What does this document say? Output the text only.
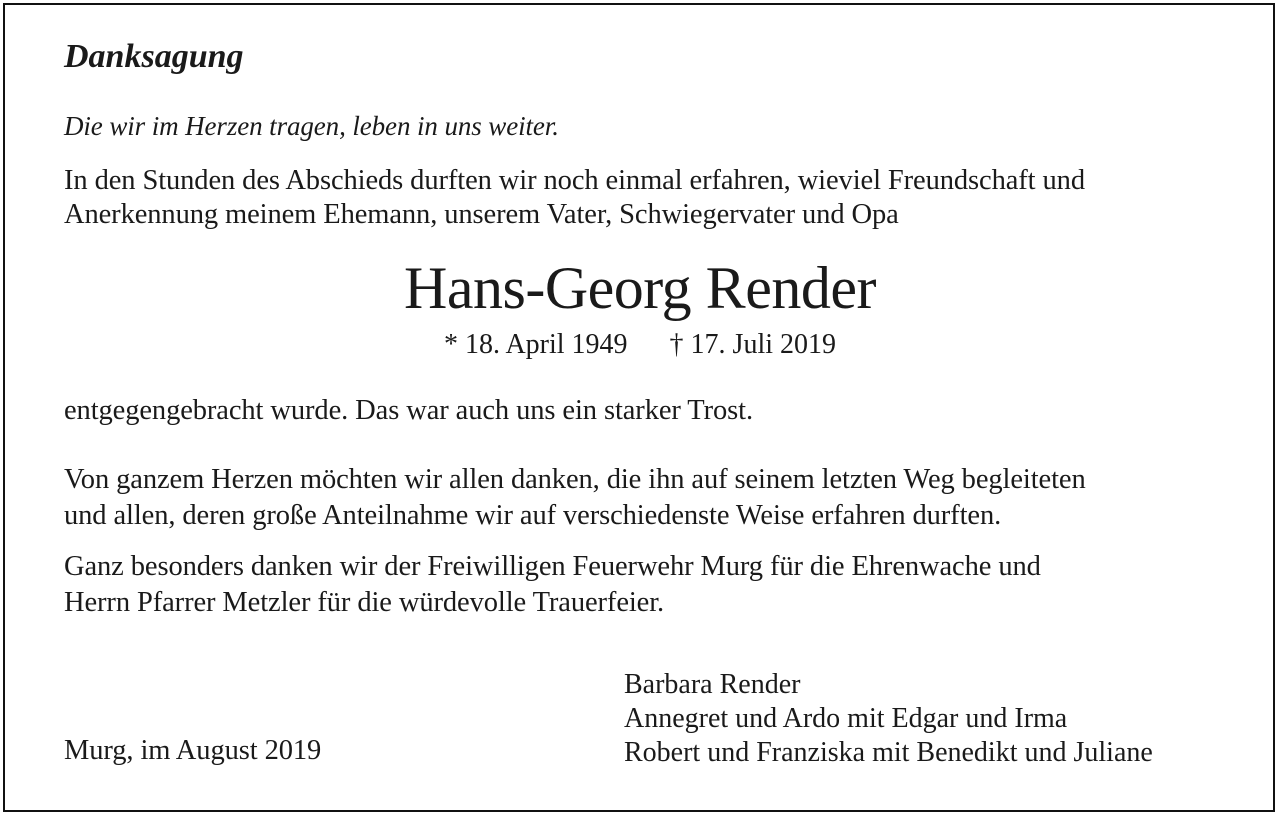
Danksagung
Die wir im Herzen tragen, leben in uns weiter.
In den Stunden des Abschieds durften wir noch einmal erfahren, wieviel Freundschaft und
Anerkennung meinem Ehemann, unserem Vater, Schwiegervater und Opa
Hans-Georg Render
* 18. April 1949 † 17. Juli 2019
entgegengebracht wurde. Das war auch uns ein starker Trost.
Von ganzem Herzen möchten wir allen danken, die ihn auf seinem letzten Weg begleiteten
und allen, deren große Anteilnahme wir auf verschiedenste Weise erfahren durften.
Ganz besonders danken wir der Freiwilligen Feuerwehr Murg für die Ehrenwache und
Herrn Pfarrer Metzler für die würdevolle Trauerfeier.
Murg, im August 2019
Barbara Render
Annegret und Ardo mit Edgar und Irma
Robert und Franziska mit Benedikt und Juliane
